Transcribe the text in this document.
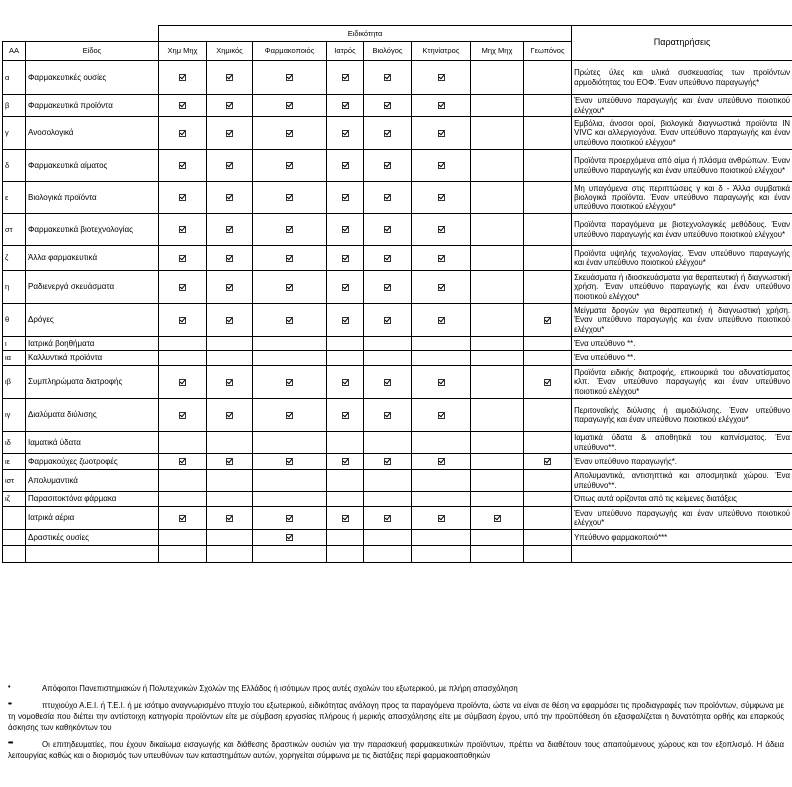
		Ειδικότητα								Παρατηρήσεις
ΑΑ	Είδος	Χημ Μηχ	Χημικός	Φαρμακοποιός	Ιατρός	Βιολόγος	Κτηνίατρος	Μηχ Μηχ	Γεωπόνος	
α	Φαρμακευτικές ουσίες									Πρώτες ύλες και υλικά συσκευασίας των προϊόντων αρμοδιότητας του ΕΟΦ. Έναν υπεύθυνο παραγωγής*
β	Φαρμακευτικά προϊόντα									Έναν υπεύθυνο παραγωγής και έναν υπεύθυνο ποιοτικού ελέγχου*
γ	Ανοσολογικά									Εμβόλια, άνοσοι οροί, βιολογικά διαγνωστικά προϊόντα IN VIVC και αλλεργιογόνα. Έναν υπεύθυνο παραγωγής και έναν υπεύθυνο ποιοτικού ελέγχου*
δ	Φαρμακευτικά αίματος									Προϊόντα προερχόμενα από αίμα ή πλάσμα ανθρώπων. Έναν υπεύθυνο παραγωγής και έναν υπεύθυνο ποιοτικού ελέγχου*
ε	Βιολογικά προϊόντα									Μη υπαγόμενα στις περιπτώσεις γ και δ - Άλλα συμβατικά βιολογικά προϊόντα. Έναν υπεύθυνο παραγωγής και έναν υπεύθυνο ποιοτικού ελέγχου*
στ	Φαρμακευτικά βιοτεχνολογίας									Προϊόντα παραγόμενα με βιοτεχνολογικές μεθόδους. Έναν υπεύθυνο παραγωγής και έναν υπεύθυνο ποιοτικού ελέγχου*
ζ	Άλλα φαρμακευτικά									Προϊόντα υψηλής τεχνολογίας. Έναν υπεύθυνο παραγωγής και έναν υπεύθυνο ποιοτικού ελέγχου*
η	Ραδιενεργά σκευάσματα									Σκευάσματα ή ιδιοσκευάσματα για θεραπευτική ή διαγνωστική χρήση. Έναν υπεύθυνο παραγωγής και έναν υπεύθυνο ποιοτικού ελέγχου*
θ	Δρόγες									Μείγματα δρογών για θεραπευτική ή διαγνωστική χρήση. Έναν υπεύθυνο παραγωγής και έναν υπεύθυνο ποιοτικού ελέγχου*
ι	Ιατρικά βοηθήματα									Ένα υπεύθυνο **.
ια	Καλλυντικά προϊόντα									Ένα υπεύθυνο **.
ιβ	Συμπληρώματα διατροφής									Προϊόντα ειδικής διατροφής, επικουρικά του αδυνατίσματος κλπ. Έναν υπεύθυνο παραγωγής και έναν υπεύθυνο ποιοτικού ελέγχου*
ιγ	Διαλύματα διύλισης									Περιτοναϊκής διύλισης ή αιμοδιύλισης. Έναν υπεύθυνο παραγωγής και έναν υπεύθυνο ποιοτικού ελέγχου*
ιδ	Ιαματικά ύδατα									Ιαματικά ύδατα & αποθητικά του καπνίσματος. Ένα υπεύθυνο**.
ιε	Φαρμακούχες ζωοτροφές									Έναν υπεύθυνο παραγωγής*.
ιστ	Απολυμαντικά									Απολυμαντικά, αντισηπτικά και αποσμητικά χώρου. Ένα υπεύθυνο**.
ιζ	Παρασιτοκτόνα φάρμακα									Όπως αυτά ορίζονται από τις κείμενες διατάξεις
	Ιατρικά αέρια									Έναν υπεύθυνο παραγωγής και έναν υπεύθυνο ποιοτικού ελέγχου*
	Δραστικές ουσίες									Υπεύθυνο φαρμακοποιό***

•	Απόφοιτοι Πανεπιστημιακών ή Πολυτεχνικών Σχολών της Ελλάδος ή ισότιμων προς αυτές σχολών του εξωτερικού, με πλήρη απασχόληση
••	πτυχιούχο Α.Ε.Ι. ή Τ.Ε.Ι. ή με ισότιμο αναγνωρισμένο πτυχίο του εξωτερικού, ειδικότητας ανάλογη προς τα παραγόμενα προϊόντα, ώστε να είναι σε θέση να εφαρμόσει τις προδιαγραφές των προϊόντων, σύμφωνα με τη νομοθεσία που διέπει την αντίστοιχη κατηγορία προϊόντων είτε με σύμβαση εργασίας πλήρους ή μερικής απασχόλησης είτε με σύμβαση έργου, υπό την προϋπόθεση ότι εξασφαλίζεται η δυνατότητα ορθής και επαρκούς άσκησης των καθηκόντων του
•••	Οι επιτηδευματίες, που έχουν δικαίωμα εισαγωγής και διάθεσης δραστικών ουσιών για την παρασκευή φαρμακευτικών προϊόντων, πρέπει να διαθέτουν τους απαιτούμενους χώρους και τον εξοπλισμό. Η άδεια λειτουργίας καθώς και ο διορισμός των υπευθύνων των καταστημάτων αυτών, χορηγείται σύμφωνα με τις διατάξεις περί φαρμακοαποθηκών
